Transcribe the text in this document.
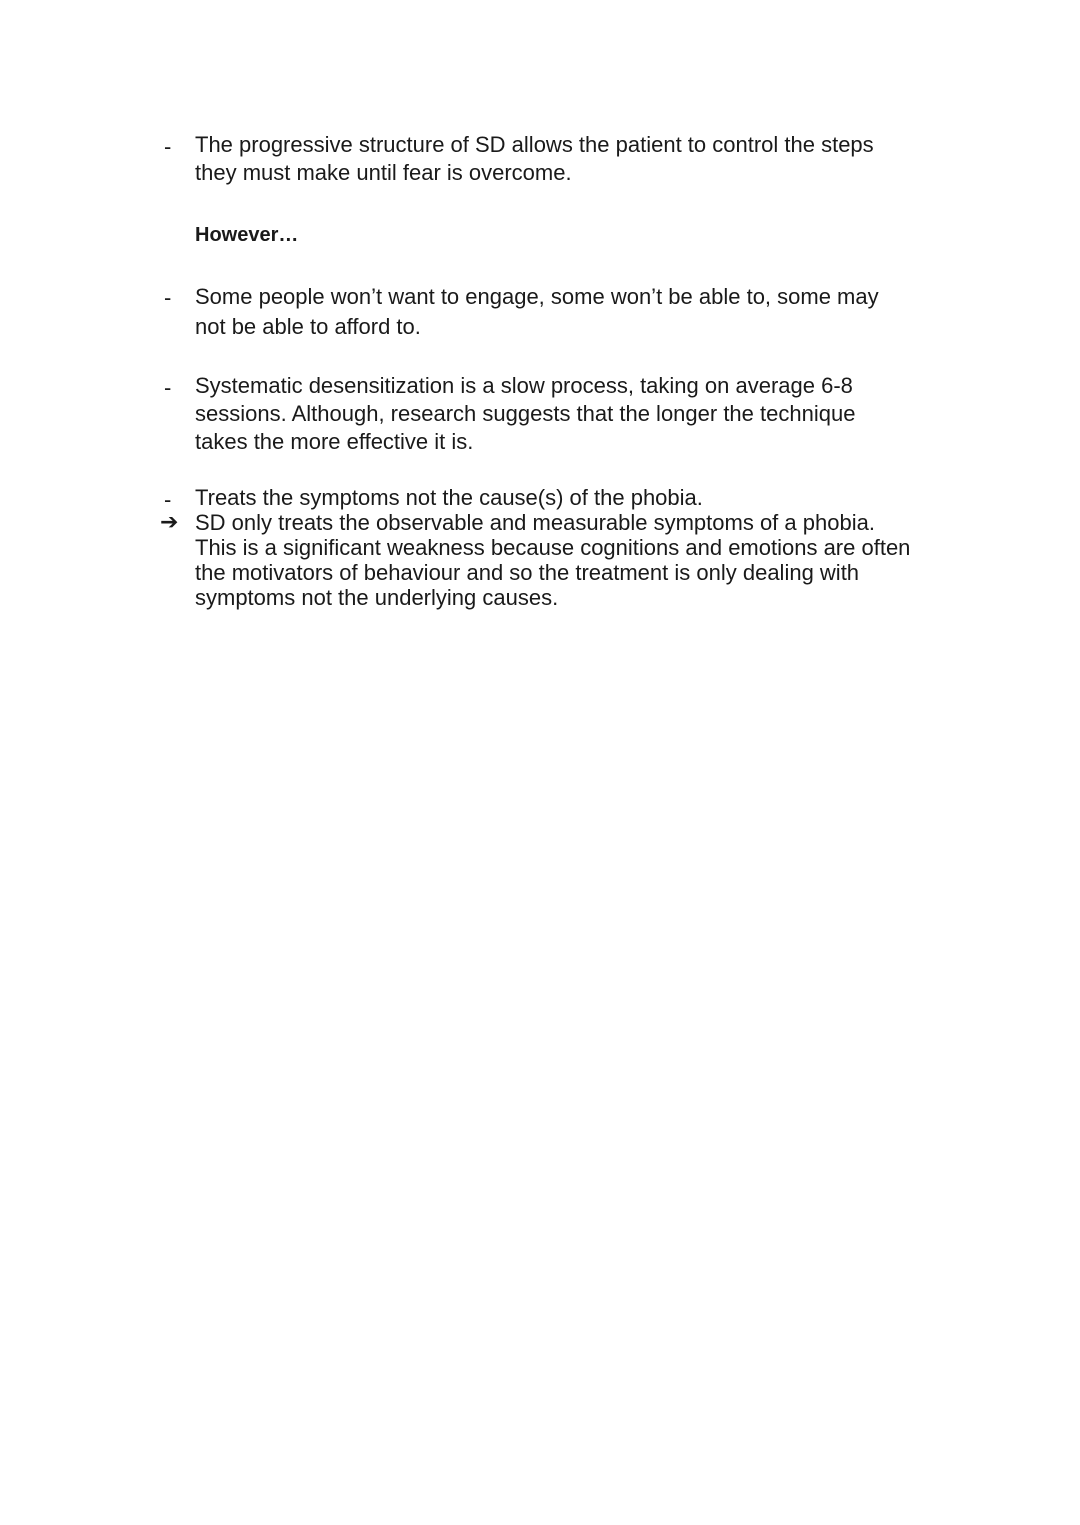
- The progressive structure of SD allows the patient to control the steps
they must make until fear is overcome.
However…
- Some people won’t want to engage, some won’t be able to, some may
not be able to afford to.
- Systematic desensitization is a slow process, taking on average 6-8
sessions. Although, research suggests that the longer the technique
takes the more effective it is.
- Treats the symptoms not the cause(s) of the phobia.
➔ SD only treats the observable and measurable symptoms of a phobia.
This is a significant weakness because cognitions and emotions are often
the motivators of behaviour and so the treatment is only dealing with
symptoms not the underlying causes.
